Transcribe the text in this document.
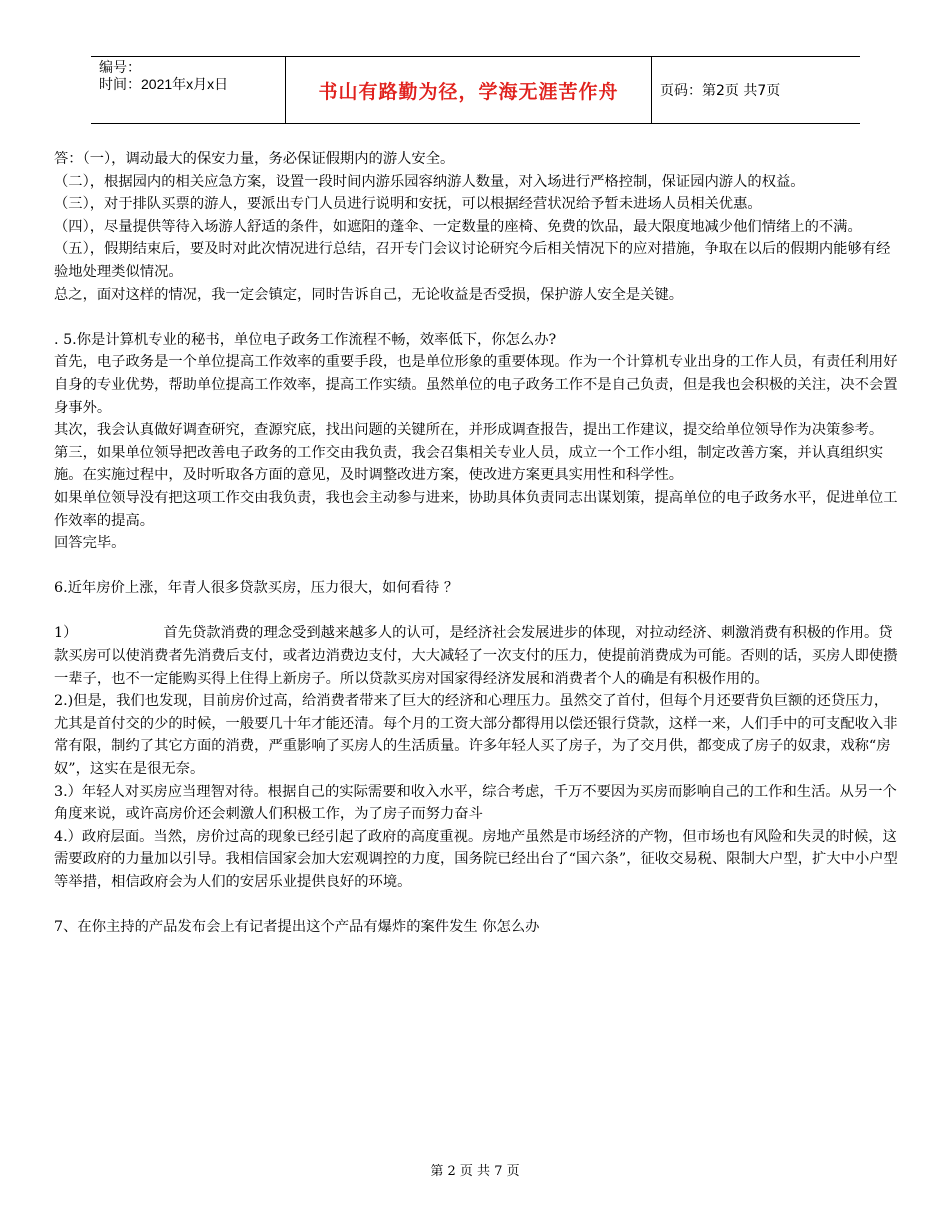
编号：
时间：2021年x月x日	书山有路勤为径，学海无涯苦作舟	页码：第2页 共7页

答：（一），调动最大的保安力量，务必保证假期内的游人安全。

（二），根据园内的相关应急方案，设置一段时间内游乐园容纳游人数量，对入场进行严格控制，保证园内游人的权益。

（三），对于排队买票的游人，要派出专门人员进行说明和安抚，可以根据经营状况给予暂未进场人员相关优惠。

（四），尽量提供等待入场游人舒适的条件，如遮阳的蓬伞、一定数量的座椅、免费的饮品，最大限度地减少他们情绪上的不满。

（五），假期结束后，要及时对此次情况进行总结，召开专门会议讨论研究今后相关情况下的应对措施，争取在以后的假期内能够有经验地处理类似情况。

总之，面对这样的情况，我一定会镇定，同时告诉自己，无论收益是否受损，保护游人安全是关键。

. 5.你是计算机专业的秘书，单位电子政务工作流程不畅，效率低下，你怎么办?

首先，电子政务是一个单位提高工作效率的重要手段，也是单位形象的重要体现。作为一个计算机专业出身的工作人员，有责任利用好自身的专业优势，帮助单位提高工作效率，提高工作实绩。虽然单位的电子政务工作不是自己负责，但是我也会积极的关注，决不会置身事外。

其次，我会认真做好调查研究，查源究底，找出问题的关键所在，并形成调查报告，提出工作建议，提交给单位领导作为决策参考。

第三，如果单位领导把改善电子政务的工作交由我负责，我会召集相关专业人员，成立一个工作小组，制定改善方案，并认真组织实施。在实施过程中，及时听取各方面的意见，及时调整改进方案，使改进方案更具实用性和科学性。

如果单位领导没有把这项工作交由我负责，我也会主动参与进来，协助具体负责同志出谋划策，提高单位的电子政务水平，促进单位工作效率的提高。

回答完毕。

6.近年房价上涨，年青人很多贷款买房，压力很大，如何看待 ？

1）	首先贷款消费的理念受到越来越多人的认可，是经济社会发展进步的体现，对拉动经济、刺激消费有积极的作用。贷款买房可以使消费者先消费后支付，或者边消费边支付，大大减轻了一次支付的压力，使提前消费成为可能。否则的话，买房人即使攒一辈子，也不一定能购买得上住得上新房子。所以贷款买房对国家得经济发展和消费者个人的确是有积极作用的。

2.)但是，我们也发现，目前房价过高，给消费者带来了巨大的经济和心理压力。虽然交了首付，但每个月还要背负巨额的还贷压力，尤其是首付交的少的时候，一般要几十年才能还清。每个月的工资大部分都得用以偿还银行贷款，这样一来，人们手中的可支配收入非常有限，制约了其它方面的消费，严重影响了买房人的生活质量。许多年轻人买了房子，为了交月供，都变成了房子的奴隶，戏称“房奴”，这实在是很无奈。

3.）年轻人对买房应当理智对待。根据自己的实际需要和收入水平，综合考虑，千万不要因为买房而影响自己的工作和生活。从另一个角度来说，或许高房价还会刺激人们积极工作，为了房子而努力奋斗

4.）政府层面。当然，房价过高的现象已经引起了政府的高度重视。房地产虽然是市场经济的产物，但市场也有风险和失灵的时候，这需要政府的力量加以引导。我相信国家会加大宏观调控的力度，国务院已经出台了“国六条”，征收交易税、限制大户型，扩大中小户型等举措，相信政府会为人们的安居乐业提供良好的环境。

7、在你主持的产品发布会上有记者提出这个产品有爆炸的案件发生 你怎么办

第 2 页 共 7 页
